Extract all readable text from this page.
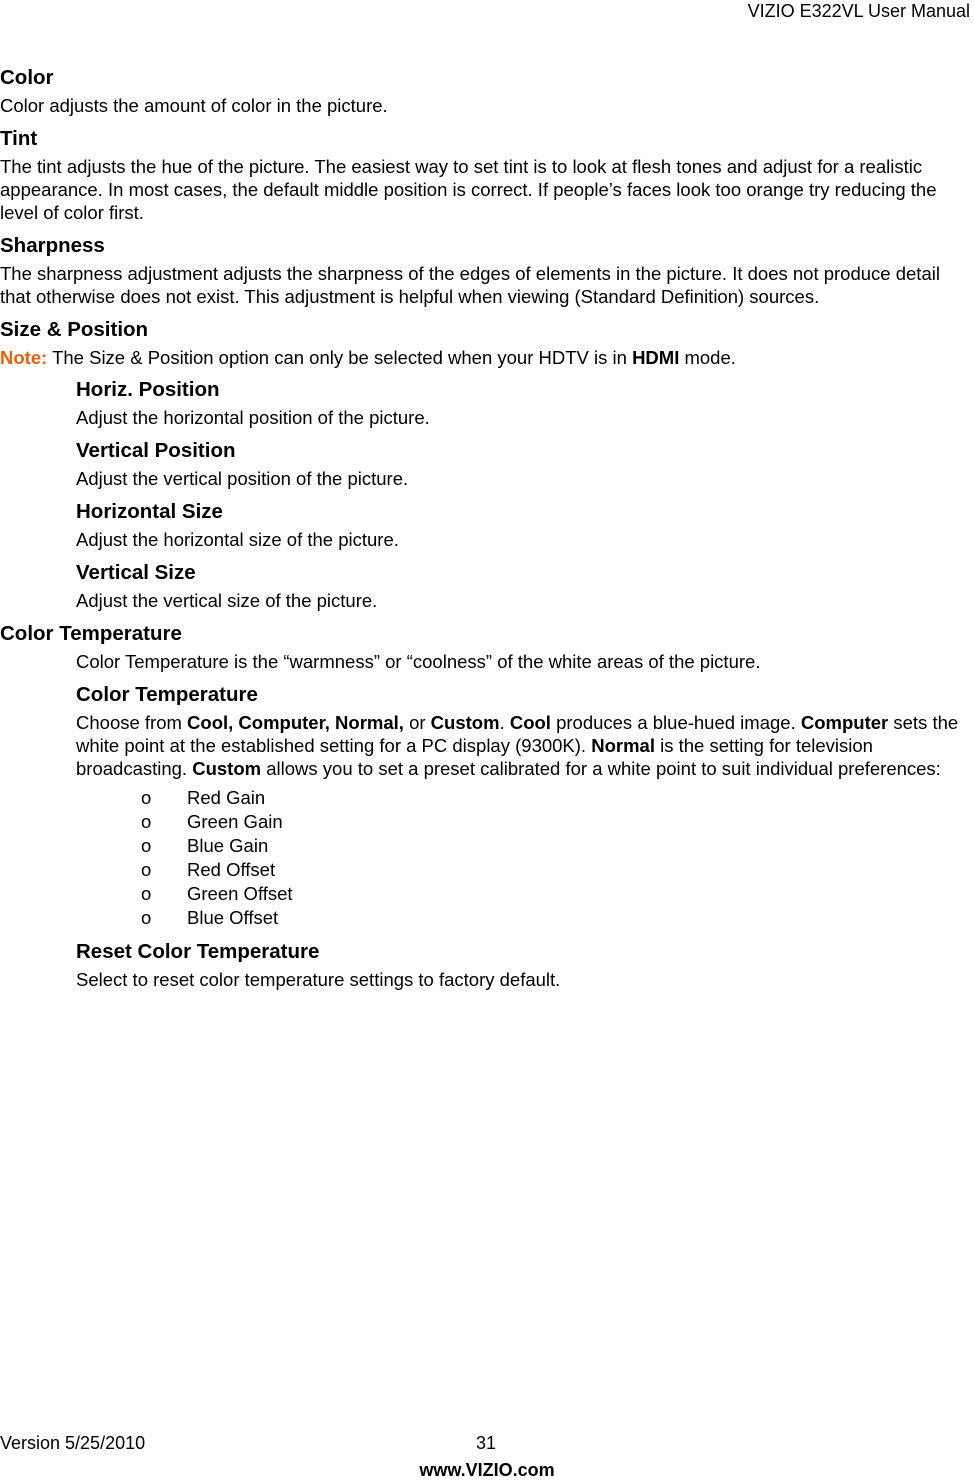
VIZIO E322VL User Manual

Color

Color adjusts the amount of color in the picture.

Tint

The tint adjusts the hue of the picture. The easiest way to set tint is to look at flesh tones and adjust for a realistic appearance. In most cases, the default middle position is correct. If people’s faces look too orange try reducing the level of color first.

Sharpness

The sharpness adjustment adjusts the sharpness of the edges of elements in the picture. It does not produce detail that otherwise does not exist. This adjustment is helpful when viewing (Standard Definition) sources.

Size & Position

Note: The Size & Position option can only be selected when your HDTV is in HDMI mode.

Horiz. Position

Adjust the horizontal position of the picture.

Vertical Position

Adjust the vertical position of the picture.

Horizontal Size

Adjust the horizontal size of the picture.

Vertical Size

Adjust the vertical size of the picture.

Color Temperature

Color Temperature is the “warmness” or “coolness” of the white areas of the picture.

Color Temperature

Choose from Cool, Computer, Normal, or Custom. Cool produces a blue-hued image. Computer sets the white point at the established setting for a PC display (9300K). Normal is the setting for television broadcasting. Custom allows you to set a preset calibrated for a white point to suit individual preferences:

o	Red Gain
o	Green Gain
o	Blue Gain
o	Red Offset
o	Green Offset
o	Blue Offset

Reset Color Temperature

Select to reset color temperature settings to factory default.

Version 5/25/2010	31
www.VIZIO.com
